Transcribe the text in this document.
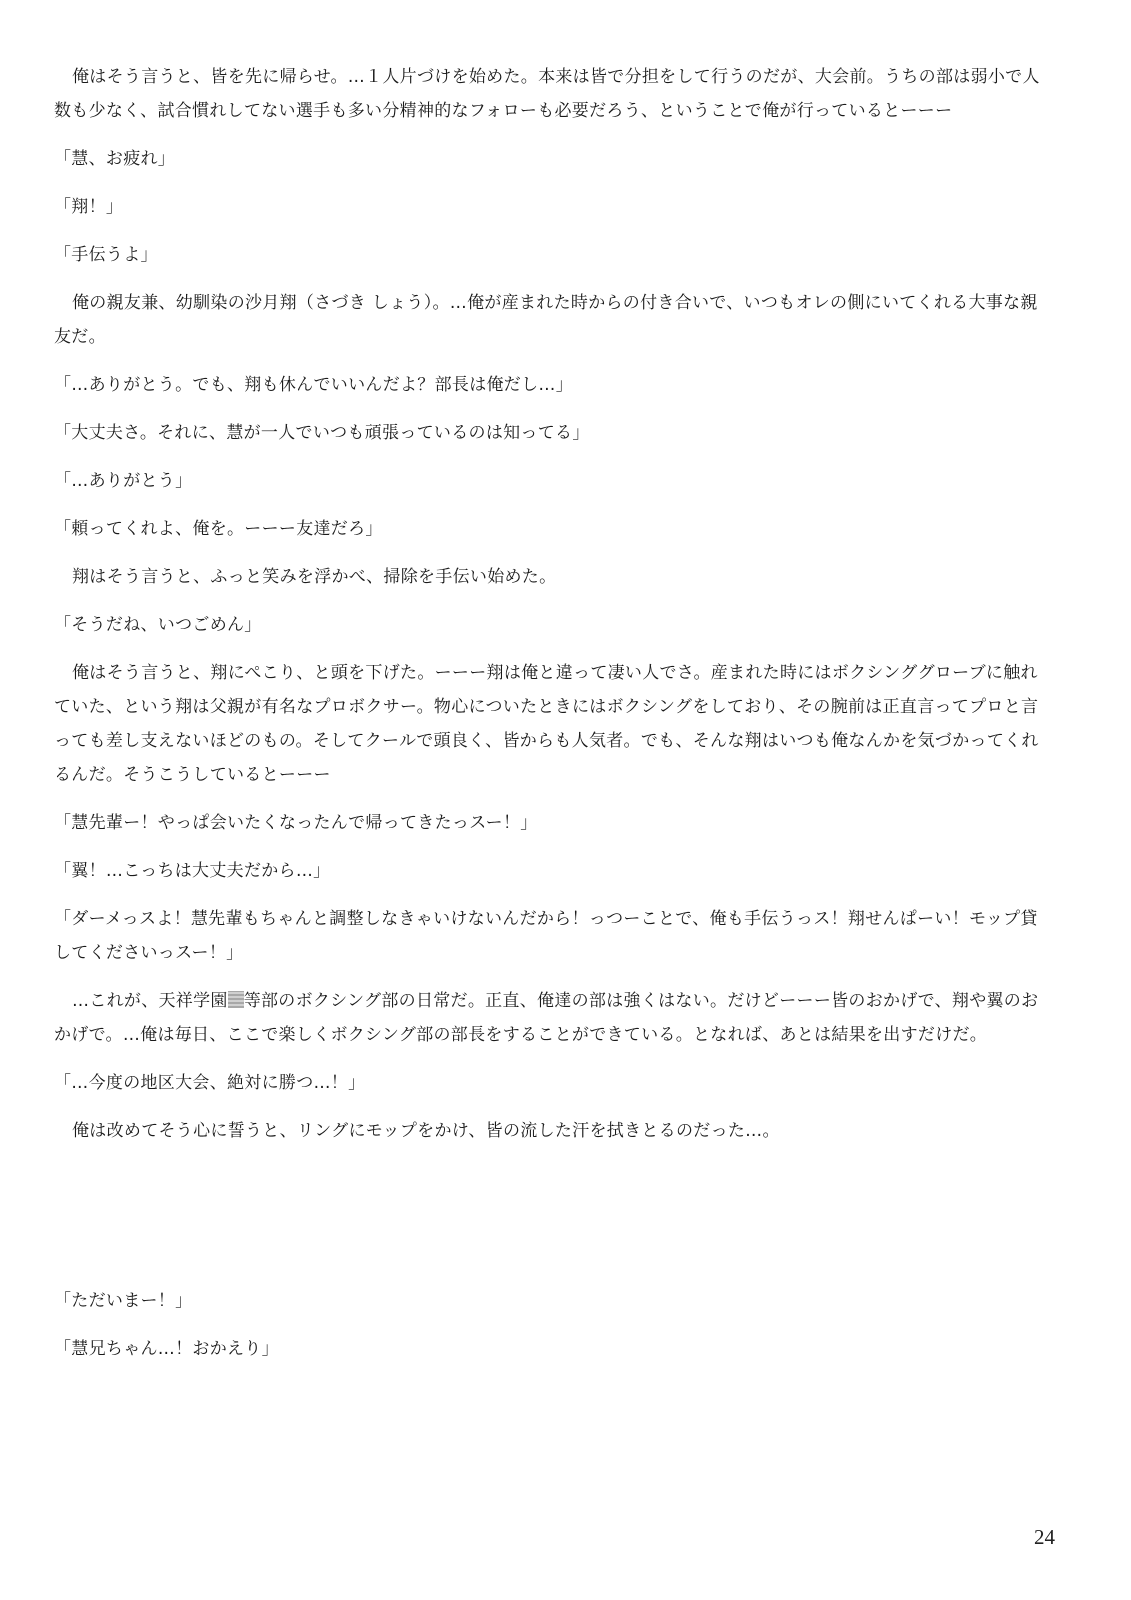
俺はそう言うと、皆を先に帰らせ。…１人片づけを始めた。本来は皆で分担をして行うのだが、大会前。うちの部は弱小で人数も少なく、試合慣れしてない選手も多い分精神的なフォローも必要だろう、ということで俺が行っているとーーー

「慧、お疲れ」

「翔！」

「手伝うよ」

俺の親友兼、幼馴染の沙月翔（さづき しょう）。…俺が産まれた時からの付き合いで、いつもオレの側にいてくれる大事な親友だ。

「…ありがとう。でも、翔も休んでいいんだよ？部長は俺だし…」

「大丈夫さ。それに、慧が一人でいつも頑張っているのは知ってる」

「…ありがとう」

「頼ってくれよ、俺を。ーーー友達だろ」

翔はそう言うと、ふっと笑みを浮かべ、掃除を手伝い始めた。

「そうだね、いつごめん」

俺はそう言うと、翔にぺこり、と頭を下げた。ーーー翔は俺と違って凄い人でさ。産まれた時にはボクシンググローブに触れていた、という翔は父親が有名なプロボクサー。物心についたときにはボクシングをしており、その腕前は正直言ってプロと言っても差し支えないほどのもの。そしてクールで頭良く、皆からも人気者。でも、そんな翔はいつも俺なんかを気づかってくれるんだ。そうこうしているとーーー

「慧先輩ー！やっぱ会いたくなったんで帰ってきたっスー！」

「翼！…こっちは大丈夫だから…」

「ダーメっスよ！慧先輩もちゃんと調整しなきゃいけないんだから！っつーことで、俺も手伝うっス！翔せんぱーい！モップ貸してくださいっスー！」

…これが、天祥学園 等部のボクシング部の日常だ。正直、俺達の部は強くはない。だけどーーー皆のおかげで、翔や翼のおかげで。…俺は毎日、ここで楽しくボクシング部の部長をすることができている。となれば、あとは結果を出すだけだ。

「…今度の地区大会、絶対に勝つ…！」

俺は改めてそう心に誓うと、リングにモップをかけ、皆の流した汗を拭きとるのだった…。

「ただいまー！」

「慧兄ちゃん…！おかえり」

24
